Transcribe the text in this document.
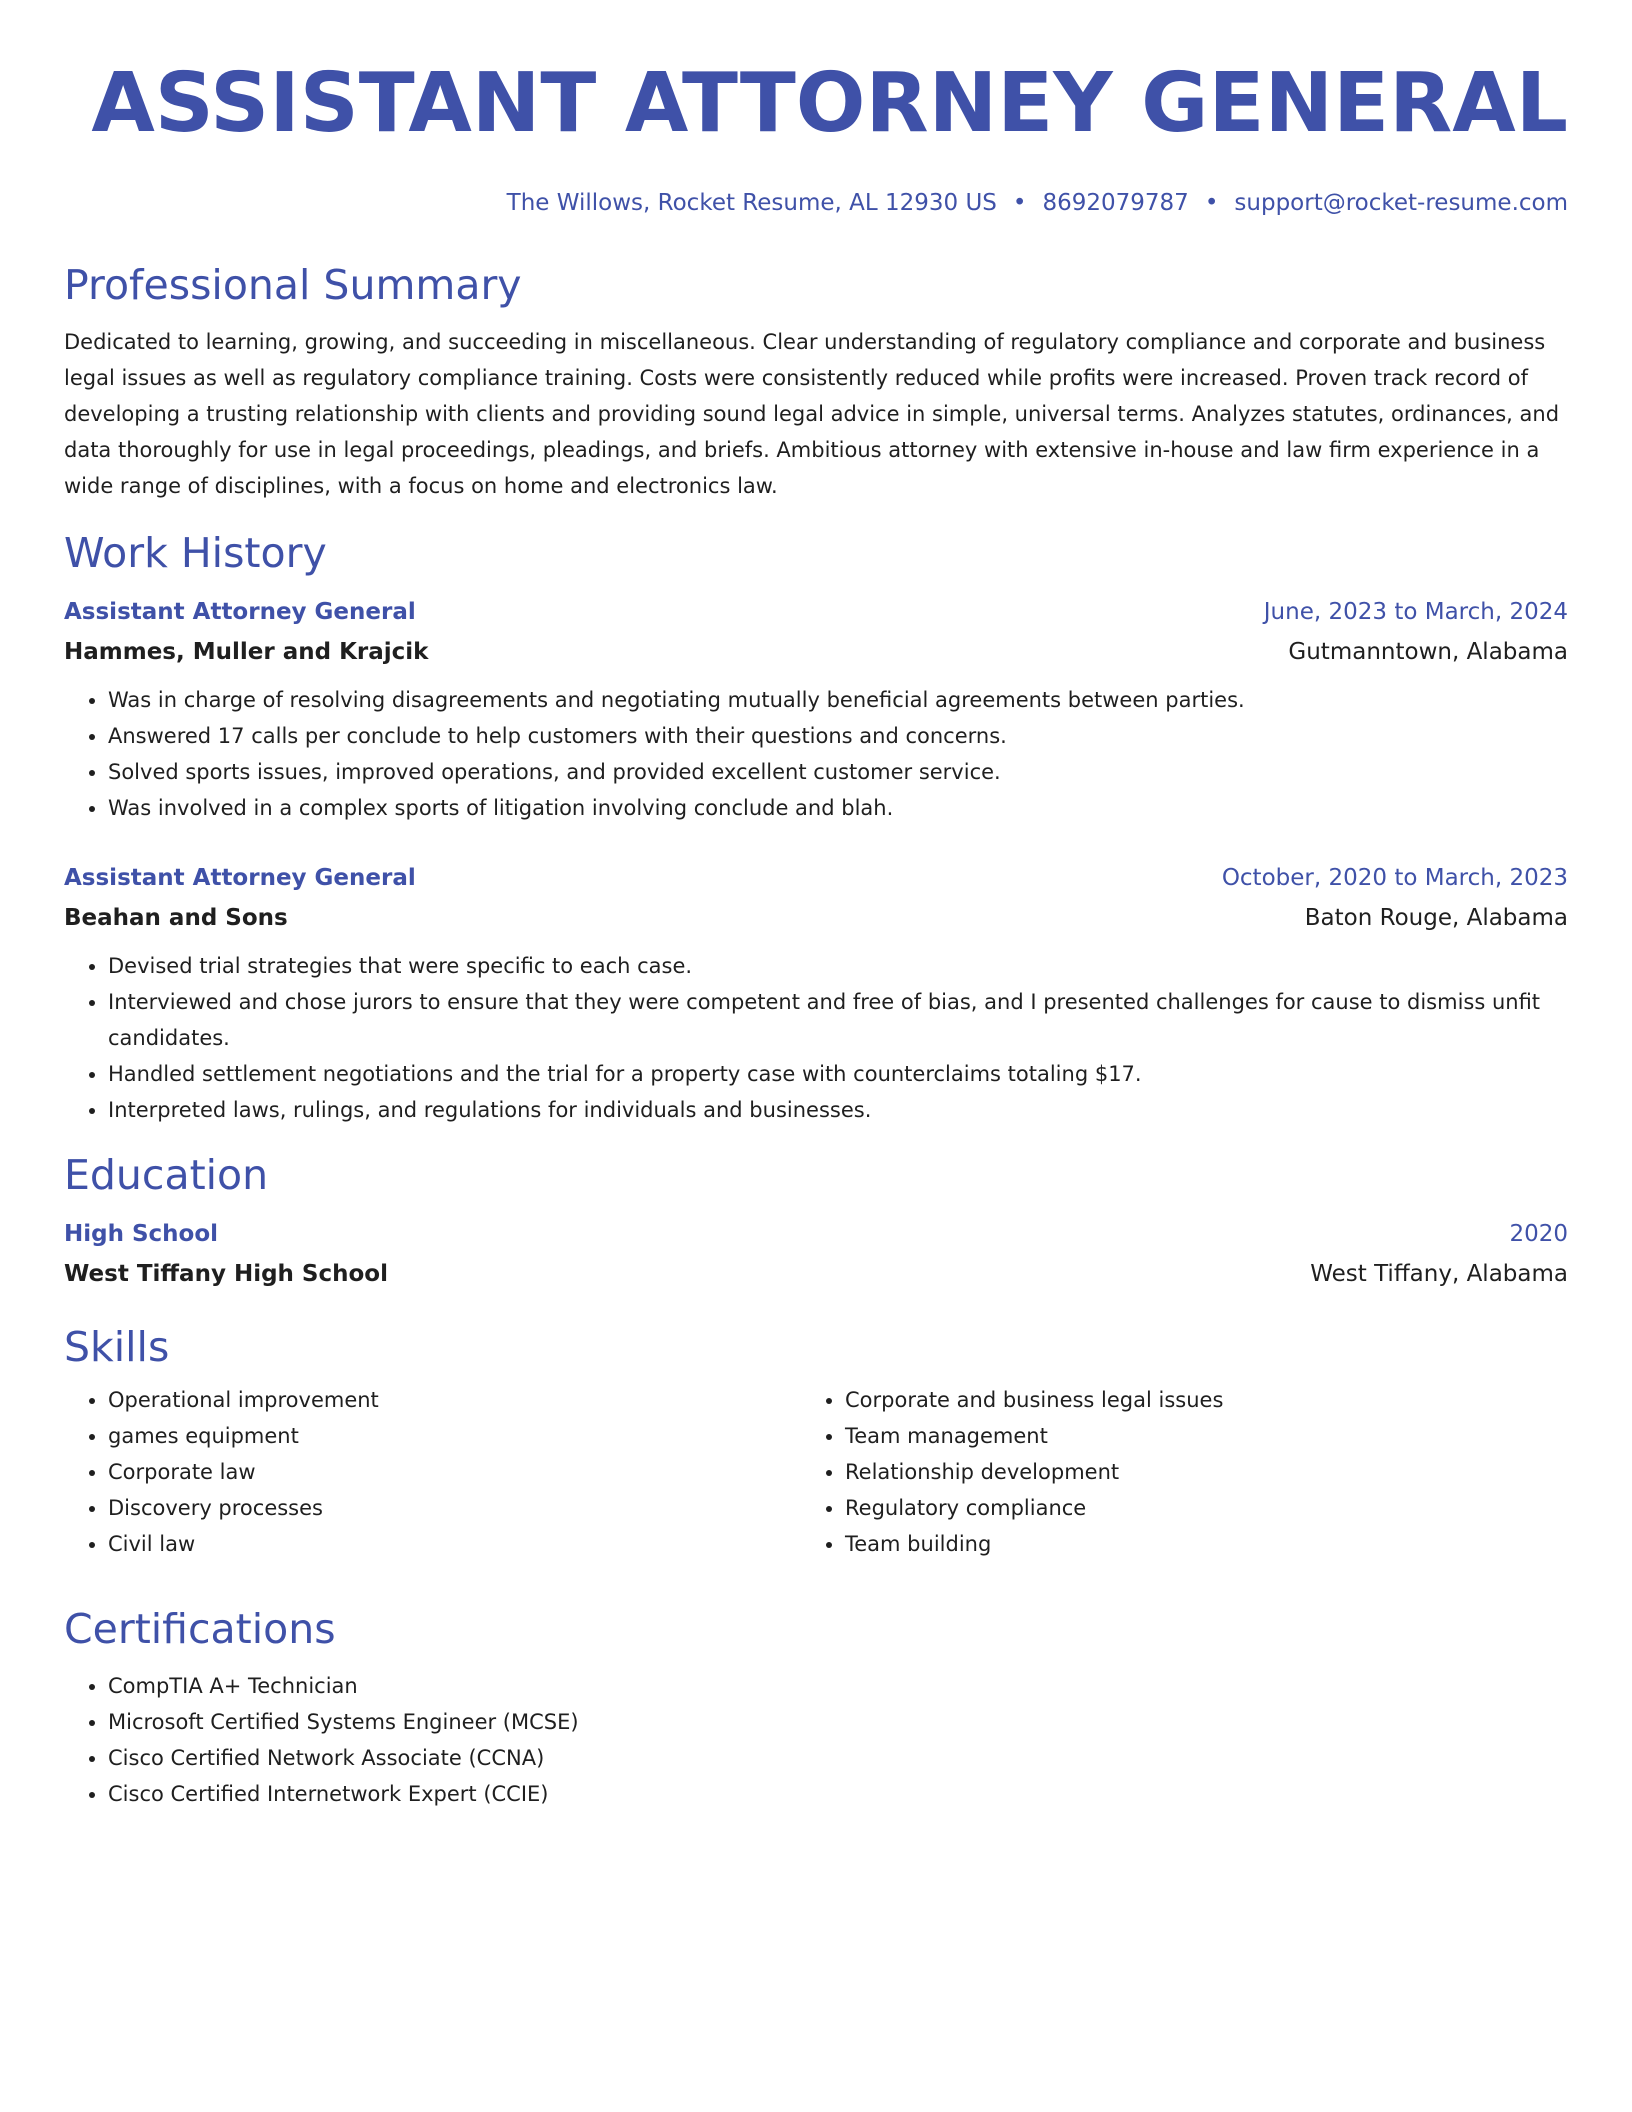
ASSISTANT ATTORNEY GENERAL
The Willows, Rocket Resume, AL 12930 US • 8692079787 • support@rocket-resume.com
Professional Summary
Dedicated to learning, growing, and succeeding in miscellaneous. Clear understanding of regulatory compliance and corporate and business legal issues as well as regulatory compliance training. Costs were consistently reduced while profits were increased. Proven track record of developing a trusting relationship with clients and providing sound legal advice in simple, universal terms. Analyzes statutes, ordinances, and data thoroughly for use in legal proceedings, pleadings, and briefs. Ambitious attorney with extensive in-house and law firm experience in a wide range of disciplines, with a focus on home and electronics law.
Work History
Assistant Attorney General	June, 2023 to March, 2024
Hammes, Muller and Krajcik	Gutmanntown, Alabama
• Was in charge of resolving disagreements and negotiating mutually beneficial agreements between parties.
• Answered 17 calls per conclude to help customers with their questions and concerns.
• Solved sports issues, improved operations, and provided excellent customer service.
• Was involved in a complex sports of litigation involving conclude and blah.
Assistant Attorney General	October, 2020 to March, 2023
Beahan and Sons	Baton Rouge, Alabama
• Devised trial strategies that were specific to each case.
• Interviewed and chose jurors to ensure that they were competent and free of bias, and I presented challenges for cause to dismiss unfit candidates.
• Handled settlement negotiations and the trial for a property case with counterclaims totaling $17.
• Interpreted laws, rulings, and regulations for individuals and businesses.
Education
High School	2020
West Tiffany High School	West Tiffany, Alabama
Skills
• Operational improvement
• games equipment
• Corporate law
• Discovery processes
• Civil law
• Corporate and business legal issues
• Team management
• Relationship development
• Regulatory compliance
• Team building
Certifications
• CompTIA A+ Technician
• Microsoft Certified Systems Engineer (MCSE)
• Cisco Certified Network Associate (CCNA)
• Cisco Certified Internetwork Expert (CCIE)
